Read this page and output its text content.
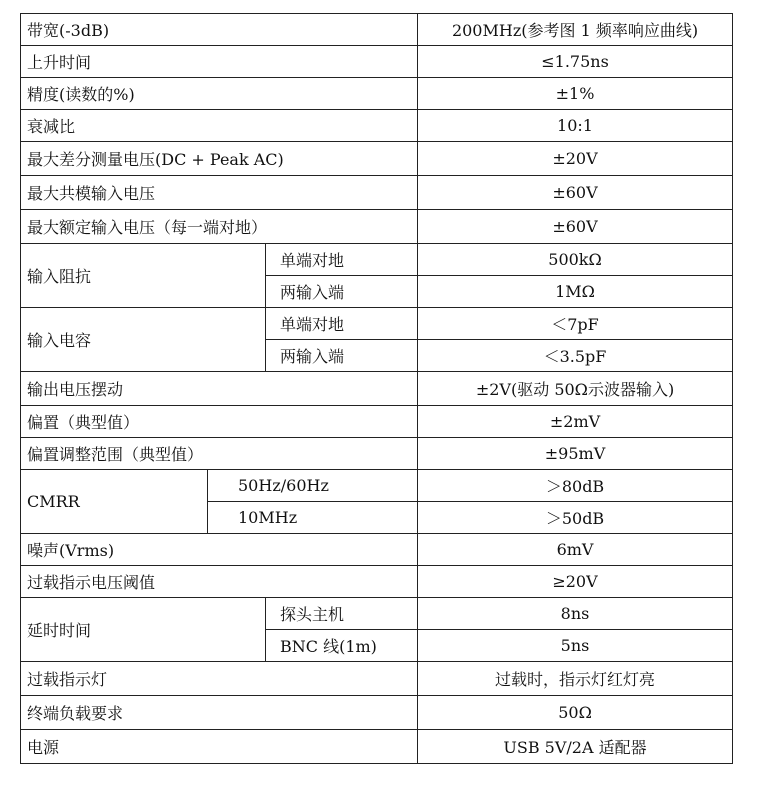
带宽(-3dB)			200MHz(参考图 1 频率响应曲线)
上升时间			≤1.75ns
精度(读数的%)			±1%
衰减比			10:1
最大差分测量电压(DC + Peak AC)			±20V
最大共模输入电压			±60V
最大额定输入电压（每一端对地）			±60V
输入阻抗		单端对地	500kΩ
		两输入端	1MΩ
输入电容		单端对地	＜7pF
		两输入端	＜3.5pF
输出电压摆动			±2V(驱动 50Ω示波器输入)
偏置（典型值）			±2mV
偏置调整范围（典型值）			±95mV
CMRR	50Hz/60Hz		＞80dB
	10MHz		＞50dB
噪声(Vrms)			6mV
过载指示电压阈值			≥20V
延时时间		探头主机	8ns
		BNC 线(1m)	5ns
过载指示灯			过载时，指示灯红灯亮
终端负载要求			50Ω
电源			USB 5V/2A 适配器
